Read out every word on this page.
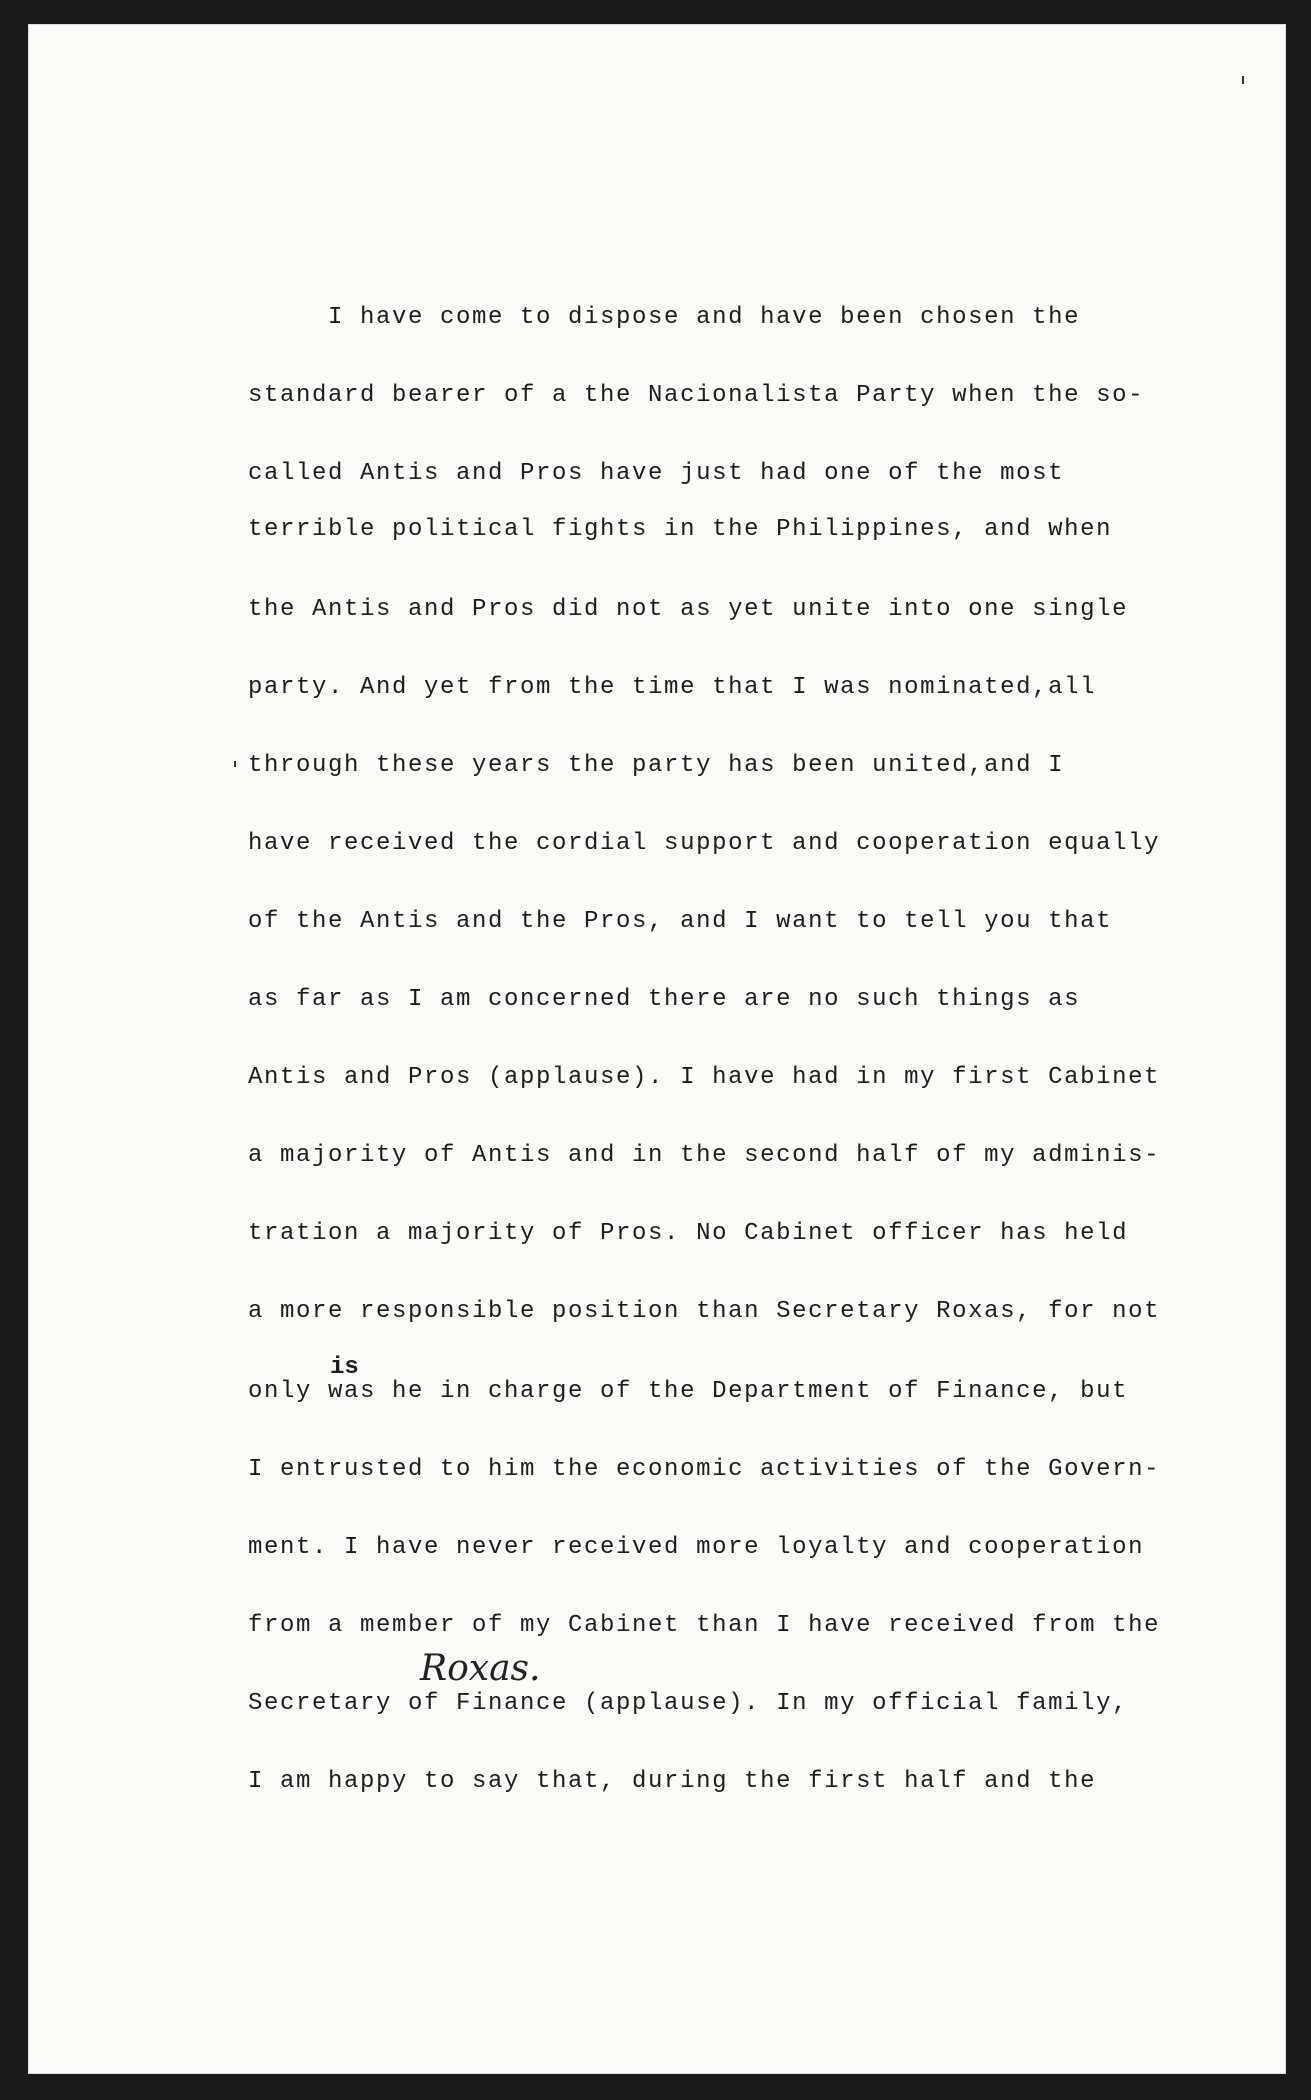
I have come to dispose and have been chosen the
standard bearer of a the Nacionalista Party when the so-
called Antis and Pros have just had one of the most
terrible political fights in the Philippines, and when
the Antis and Pros did not as yet unite into one single
party. And yet from the time that I was nominated,all
through these years the party has been united,and I
have received the cordial support and cooperation equally
of the Antis and the Pros, and I want to tell you that
as far as I am concerned there are no such things as
Antis and Pros (applause). I have had in my first Cabinet
a majority of Antis and in the second half of my adminis-
tration a majority of Pros. No Cabinet officer has held
a more responsible position than Secretary Roxas, for not
only was he in charge of the Department of Finance, but
I entrusted to him the economic activities of the Govern-
ment. I have never received more loyalty and cooperation
from a member of my Cabinet than I have received from the
Secretary of Finance (applause). In my official family,
I am happy to say that, during the first half and the
is
Roxas.
